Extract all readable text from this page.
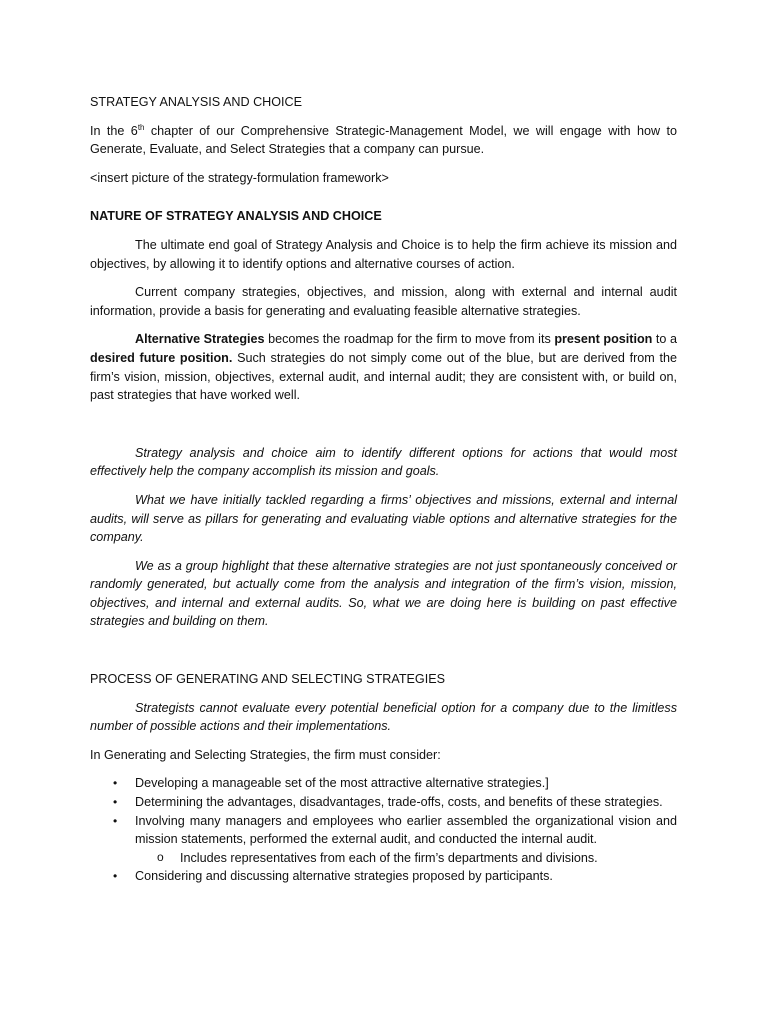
STRATEGY ANALYSIS AND CHOICE

In the 6th chapter of our Comprehensive Strategic-Management Model, we will engage with how to Generate, Evaluate, and Select Strategies that a company can pursue.

<insert picture of the strategy-formulation framework>

NATURE OF STRATEGY ANALYSIS AND CHOICE

The ultimate end goal of Strategy Analysis and Choice is to help the firm achieve its mission and objectives, by allowing it to identify options and alternative courses of action.

Current company strategies, objectives, and mission, along with external and internal audit information, provide a basis for generating and evaluating feasible alternative strategies.

Alternative Strategies becomes the roadmap for the firm to move from its present position to a desired future position. Such strategies do not simply come out of the blue, but are derived from the firm’s vision, mission, objectives, external audit, and internal audit; they are consistent with, or build on, past strategies that have worked well.

Strategy analysis and choice aim to identify different options for actions that would most effectively help the company accomplish its mission and goals.

What we have initially tackled regarding a firms’ objectives and missions, external and internal audits, will serve as pillars for generating and evaluating viable options and alternative strategies for the company.

We as a group highlight that these alternative strategies are not just spontaneously conceived or randomly generated, but actually come from the analysis and integration of the firm’s vision, mission, objectives, and internal and external audits. So, what we are doing here is building on past effective strategies and building on them.

PROCESS OF GENERATING AND SELECTING STRATEGIES

Strategists cannot evaluate every potential beneficial option for a company due to the limitless number of possible actions and their implementations.

In Generating and Selecting Strategies, the firm must consider:

• Developing a manageable set of the most attractive alternative strategies.]
• Determining the advantages, disadvantages, trade-offs, costs, and benefits of these strategies.
• Involving many managers and employees who earlier assembled the organizational vision and mission statements, performed the external audit, and conducted the internal audit.
o Includes representatives from each of the firm’s departments and divisions.
• Considering and discussing alternative strategies proposed by participants.
